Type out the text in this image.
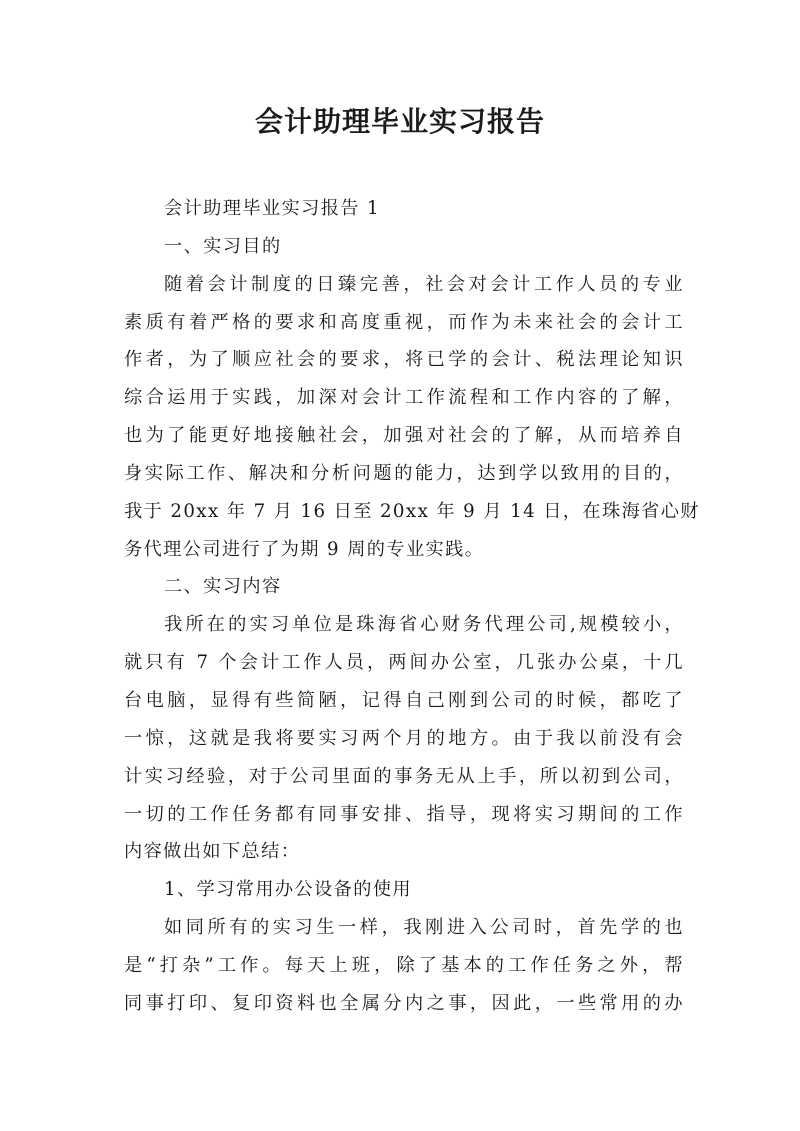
会计助理毕业实习报告
会计助理毕业实习报告 1
一、实习目的
随着会计制度的日臻完善，社会对会计工作人员的专业
素质有着严格的要求和高度重视，而作为未来社会的会计工
作者，为了顺应社会的要求，将已学的会计、税法理论知识
综合运用于实践，加深对会计工作流程和工作内容的了解，
也为了能更好地接触社会，加强对社会的了解，从而培养自
身实际工作、解决和分析问题的能力，达到学以致用的目的，
我于 20xx 年 7 月 16 日至 20xx 年 9 月 14 日，在珠海省心财
务代理公司进行了为期 9 周的专业实践。
二、实习内容
我所在的实习单位是珠海省心财务代理公司,规模较小，
就只有 7 个会计工作人员，两间办公室，几张办公桌，十几
台电脑，显得有些简陋，记得自己刚到公司的时候，都吃了
一惊，这就是我将要实习两个月的地方。由于我以前没有会
计实习经验，对于公司里面的事务无从上手，所以初到公司，
一切的工作任务都有同事安排、指导，现将实习期间的工作
内容做出如下总结：
1、学习常用办公设备的使用
如同所有的实习生一样，我刚进入公司时，首先学的也
是“打杂”工作。每天上班，除了基本的工作任务之外，帮
同事打印、复印资料也全属分内之事，因此，一些常用的办
